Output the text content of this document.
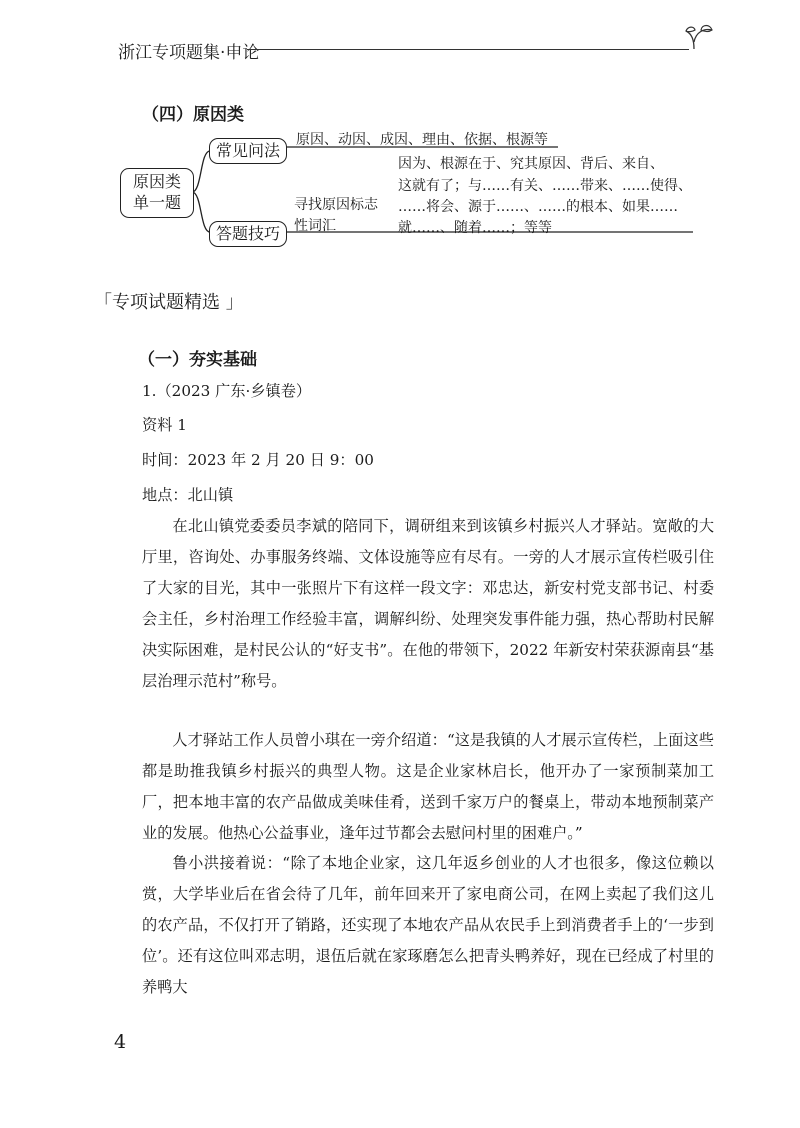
浙江专项题集·申论
（四）原因类
原因类
单一题
常见问法
原因、动因、成因、理由、依据、根源等
答题技巧
寻找原因标志
性词汇
因为、根源在于、究其原因、背后、来自、
这就有了；与……有关、……带来、……使得、
……将会、源于……、……的根本、如果……
就……、随着……；等等
「专项试题精选 」
（一）夯实基础
1.（2023 广东·乡镇卷）
资料 1
时间：2023 年 2 月 20 日 9：00
地点：北山镇
在北山镇党委委员李斌的陪同下，调研组来到该镇乡村振兴人才驿站。宽敞的大厅里，咨询处、办事服务终端、文体设施等应有尽有。一旁的人才展示宣传栏吸引住了大家的目光，其中一张照片下有这样一段文字：邓忠达，新安村党支部书记、村委会主任，乡村治理工作经验丰富，调解纠纷、处理突发事件能力强，热心帮助村民解决实际困难，是村民公认的“好支书”。在他的带领下，2022 年新安村荣获源南县“基层治理示范村”称号。
人才驿站工作人员曾小琪在一旁介绍道：“这是我镇的人才展示宣传栏，上面这些都是助推我镇乡村振兴的典型人物。这是企业家林启长，他开办了一家预制菜加工厂，把本地丰富的农产品做成美味佳肴，送到千家万户的餐桌上，带动本地预制菜产业的发展。他热心公益事业，逢年过节都会去慰问村里的困难户。”
鲁小洪接着说：“除了本地企业家，这几年返乡创业的人才也很多，像这位赖以赏，大学毕业后在省会待了几年，前年回来开了家电商公司，在网上卖起了我们这儿的农产品，不仅打开了销路，还实现了本地农产品从农民手上到消费者手上的‘一步到位’。还有这位叫邓志明，退伍后就在家琢磨怎么把青头鸭养好，现在已经成了村里的养鸭大
4
